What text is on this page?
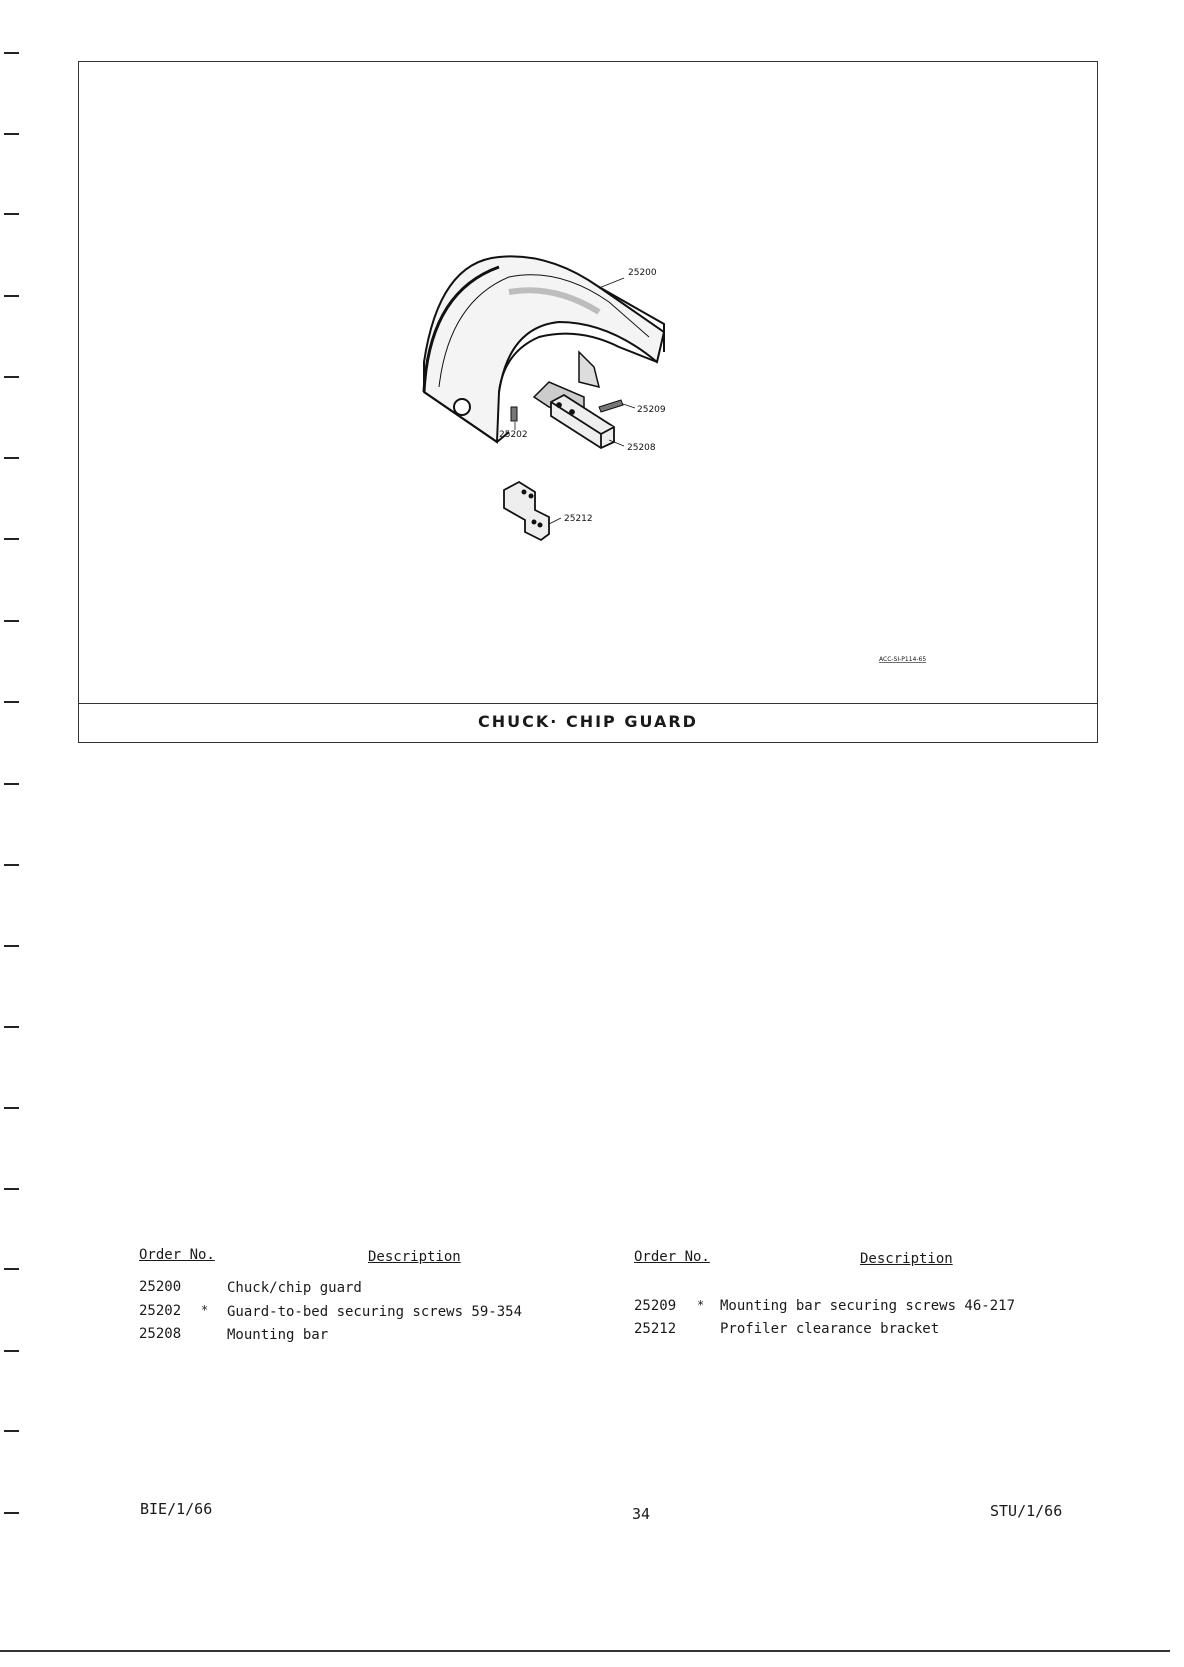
25200
25202
25208
25209
25212
ACC-SI-P114-65
CHUCK· CHIP GUARD
Order No.	Description
25200	Chuck/chip guard
25202 * Guard-to-bed securing screws 59-354
25208	Mounting bar
Order No.	Description
25209 * Mounting bar securing screws 46-217
25212	Profiler clearance bracket
BIE/1/66	34	STU/1/66
